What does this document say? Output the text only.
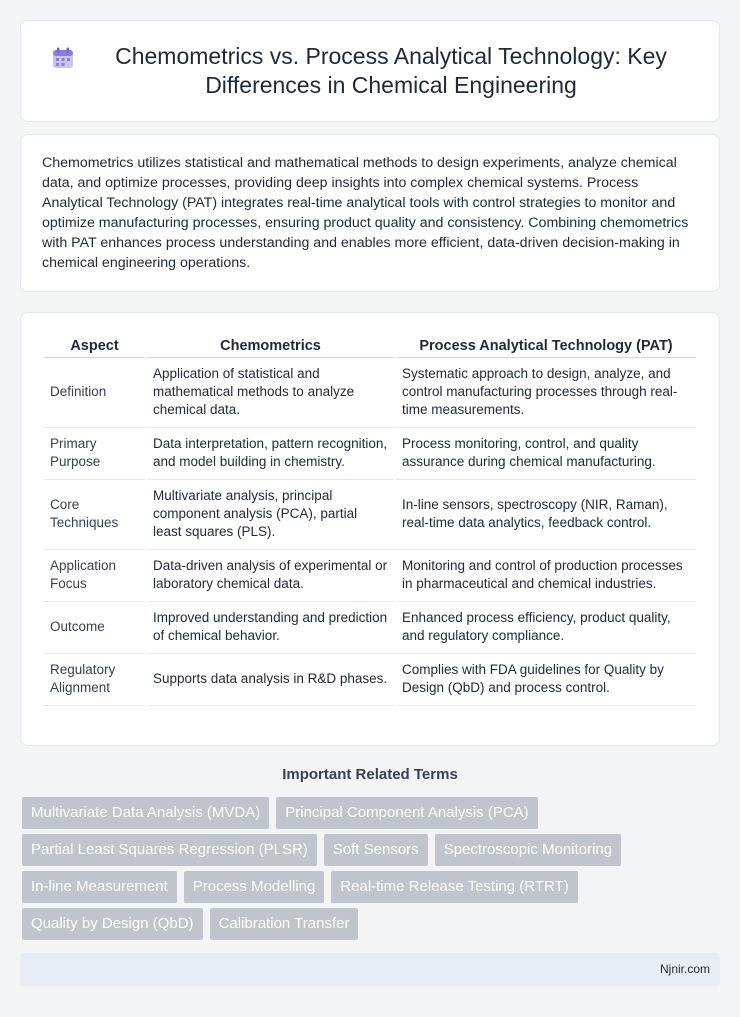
Chemometrics vs. Process Analytical Technology: Key Differences in Chemical Engineering

Chemometrics utilizes statistical and mathematical methods to design experiments, analyze chemical data, and optimize processes, providing deep insights into complex chemical systems. Process Analytical Technology (PAT) integrates real-time analytical tools with control strategies to monitor and optimize manufacturing processes, ensuring product quality and consistency. Combining chemometrics with PAT enhances process understanding and enables more efficient, data-driven decision-making in chemical engineering operations.

Aspect	Chemometrics	Process Analytical Technology (PAT)
Definition	Application of statistical and mathematical methods to analyze chemical data.	Systematic approach to design, analyze, and control manufacturing processes through real-time measurements.
Primary Purpose	Data interpretation, pattern recognition, and model building in chemistry.	Process monitoring, control, and quality assurance during chemical manufacturing.
Core Techniques	Multivariate analysis, principal component analysis (PCA), partial least squares (PLS).	In-line sensors, spectroscopy (NIR, Raman), real-time data analytics, feedback control.
Application Focus	Data-driven analysis of experimental or laboratory chemical data.	Monitoring and control of production processes in pharmaceutical and chemical industries.
Outcome	Improved understanding and prediction of chemical behavior.	Enhanced process efficiency, product quality, and regulatory compliance.
Regulatory Alignment	Supports data analysis in R&D phases.	Complies with FDA guidelines for Quality by Design (QbD) and process control.
Important Related Terms
Multivariate Data Analysis (MVDA)	Principal Component Analysis (PCA)
Partial Least Squares Regression (PLSR)	Soft Sensors	Spectroscopic Monitoring
In-line Measurement	Process Modelling	Real-time Release Testing (RTRT)
Quality by Design (QbD)	Calibration Transfer
Njnir.com
